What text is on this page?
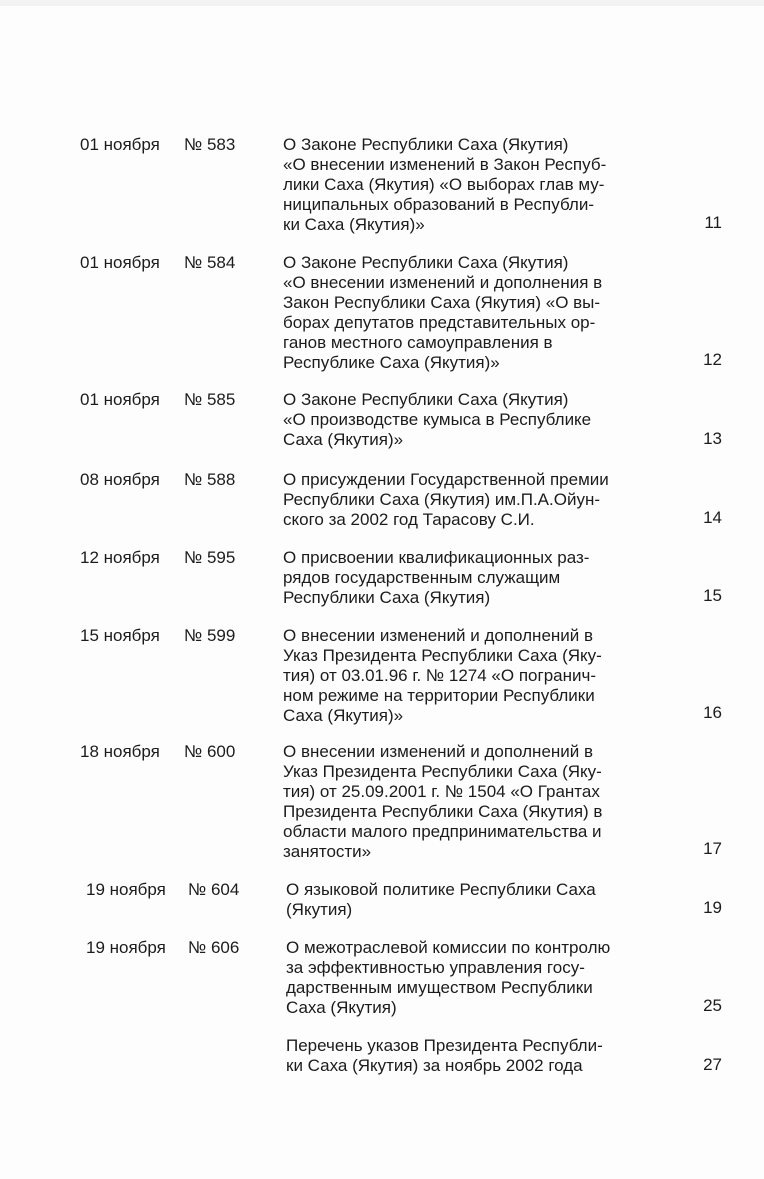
01 ноября № 583	О Законе Республики Саха (Якутия)
«О внесении изменений в Закон Респуб-
лики Саха (Якутия) «О выборах глав му-
ниципальных образований в Республи-
ки Саха (Якутия)»	11
01 ноября № 584	О Законе Республики Саха (Якутия)
«О внесении изменений и дополнения в
Закон Республики Саха (Якутия) «О вы-
борах депутатов представительных ор-
ганов местного самоуправления в
Республике Саха (Якутия)»	12
01 ноября № 585	О Законе Республики Саха (Якутия)
«О производстве кумыса в Республике
Саха (Якутия)»	13
08 ноября № 588	О присуждении Государственной премии
Республики Саха (Якутия) им.П.А.Ойун-
ского за 2002 год Тарасову С.И.	14
12 ноября № 595	О присвоении квалификационных раз-
рядов государственным служащим
Республики Саха (Якутия)	15
15 ноября № 599	О внесении изменений и дополнений в
Указ Президента Республики Саха (Яку-
тия) от 03.01.96 г. № 1274 «О погранич-
ном режиме на территории Республики
Саха (Якутия)»	16
18 ноября № 600	О внесении изменений и дополнений в
Указ Президента Республики Саха (Яку-
тия) от 25.09.2001 г. № 1504 «О Грантах
Президента Республики Саха (Якутия) в
области малого предпринимательства и
занятости»	17
19 ноября № 604	О языковой политике Республики Саха
(Якутия)	19
19 ноября № 606	О межотраслевой комиссии по контролю
за эффективностью управления госу-
дарственным имуществом Республики
Саха (Якутия)	25
Перечень указов Президента Республи-
ки Саха (Якутия) за ноябрь 2002 года	27
